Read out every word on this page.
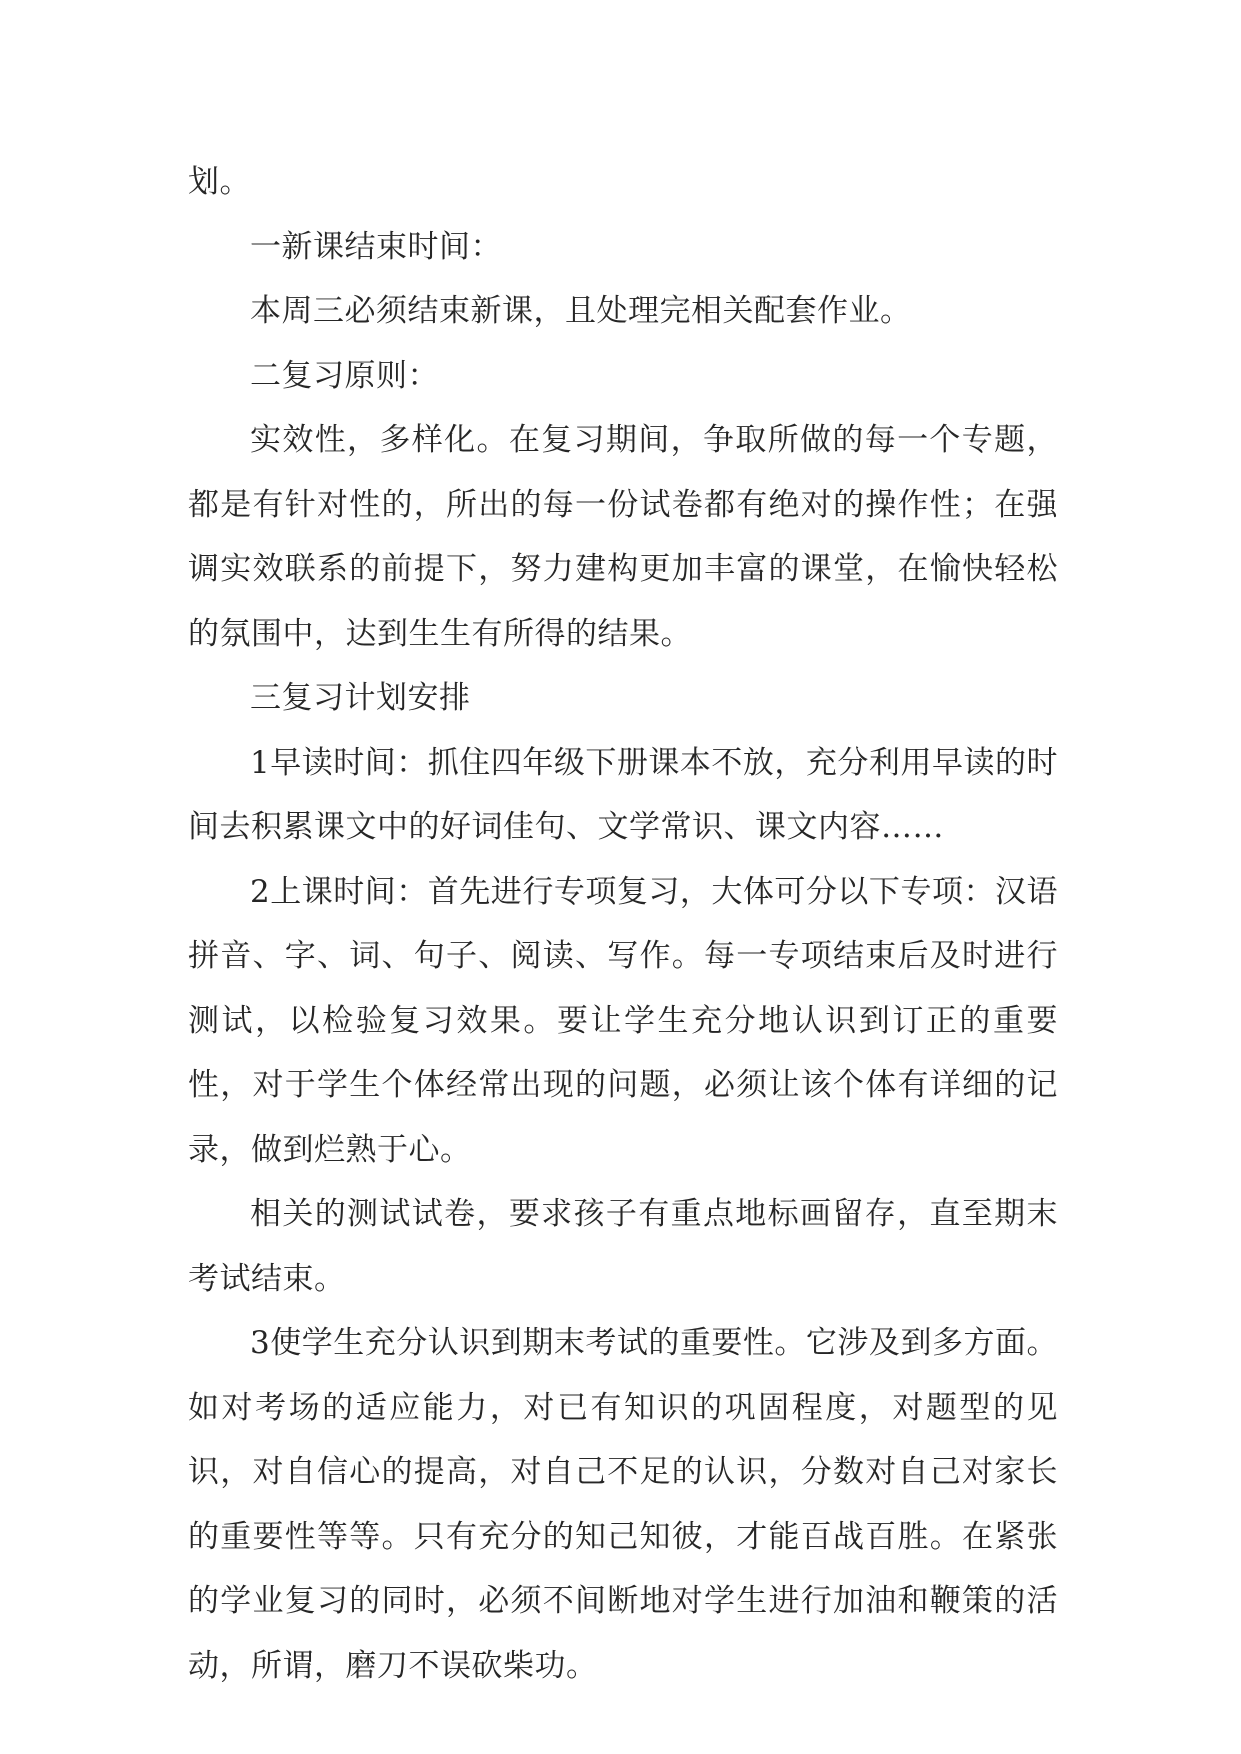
划。

一新课结束时间：

本周三必须结束新课，且处理完相关配套作业。

二复习原则：

实效性，多样化。在复习期间，争取所做的每一个专题，都是有针对性的，所出的每一份试卷都有绝对的操作性；在强调实效联系的前提下，努力建构更加丰富的课堂，在愉快轻松的氛围中，达到生生有所得的结果。

三复习计划安排

1早读时间：抓住四年级下册课本不放，充分利用早读的时间去积累课文中的好词佳句、文学常识、课文内容……

2上课时间：首先进行专项复习，大体可分以下专项：汉语拼音、字、词、句子、阅读、写作。每一专项结束后及时进行测试，以检验复习效果。要让学生充分地认识到订正的重要性，对于学生个体经常出现的问题，必须让该个体有详细的记录，做到烂熟于心。

相关的测试试卷，要求孩子有重点地标画留存，直至期末考试结束。

3使学生充分认识到期末考试的重要性。它涉及到多方面。如对考场的适应能力，对已有知识的巩固程度，对题型的见识，对自信心的提高，对自己不足的认识，分数对自己对家长的重要性等等。只有充分的知己知彼，才能百战百胜。在紧张的学业复习的同时，必须不间断地对学生进行加油和鞭策的活动，所谓，磨刀不误砍柴功。
